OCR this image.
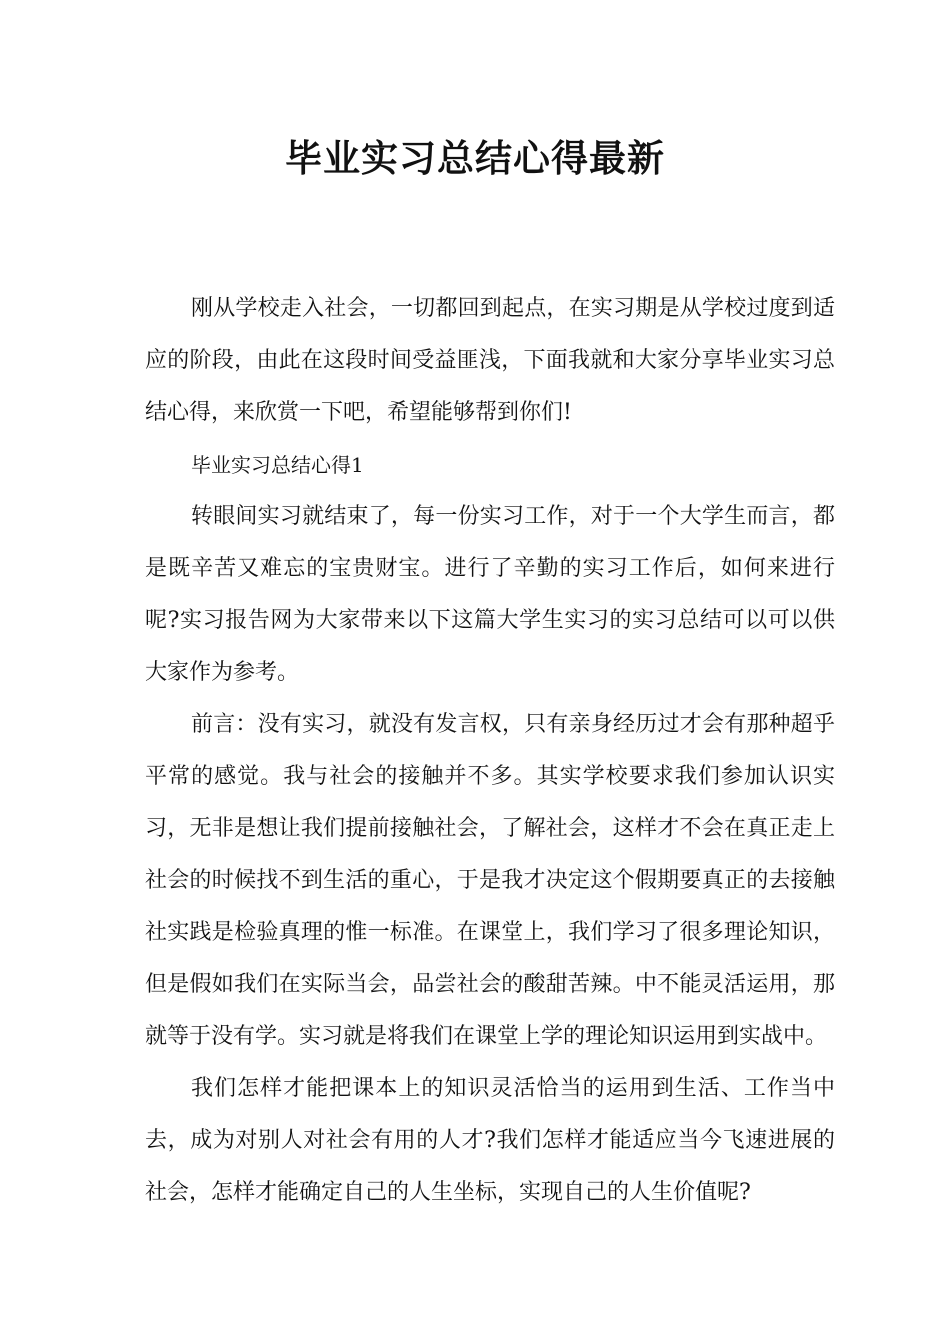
毕业实习总结心得最新

刚从学校走入社会，一切都回到起点，在实习期是从学校过度到适应的阶段，由此在这段时间受益匪浅，下面我就和大家分享毕业实习总结心得，来欣赏一下吧，希望能够帮到你们!

毕业实习总结心得1

转眼间实习就结束了，每一份实习工作，对于一个大学生而言，都是既辛苦又难忘的宝贵财宝。进行了辛勤的实习工作后，如何来进行呢?实习报告网为大家带来以下这篇大学生实习的实习总结可以可以供大家作为参考。

前言：没有实习，就没有发言权，只有亲身经历过才会有那种超乎平常的感觉。我与社会的接触并不多。其实学校要求我们参加认识实习，无非是想让我们提前接触社会，了解社会，这样才不会在真正走上社会的时候找不到生活的重心，于是我才决定这个假期要真正的去接触社实践是检验真理的惟一标准。在课堂上，我们学习了很多理论知识，但是假如我们在实际当会，品尝社会的酸甜苦辣。中不能灵活运用，那就等于没有学。实习就是将我们在课堂上学的理论知识运用到实战中。

我们怎样才能把课本上的知识灵活恰当的运用到生活、工作当中去，成为对别人对社会有用的人才?我们怎样才能适应当今飞速进展的社会，怎样才能确定自己的人生坐标，实现自己的人生价值呢?
